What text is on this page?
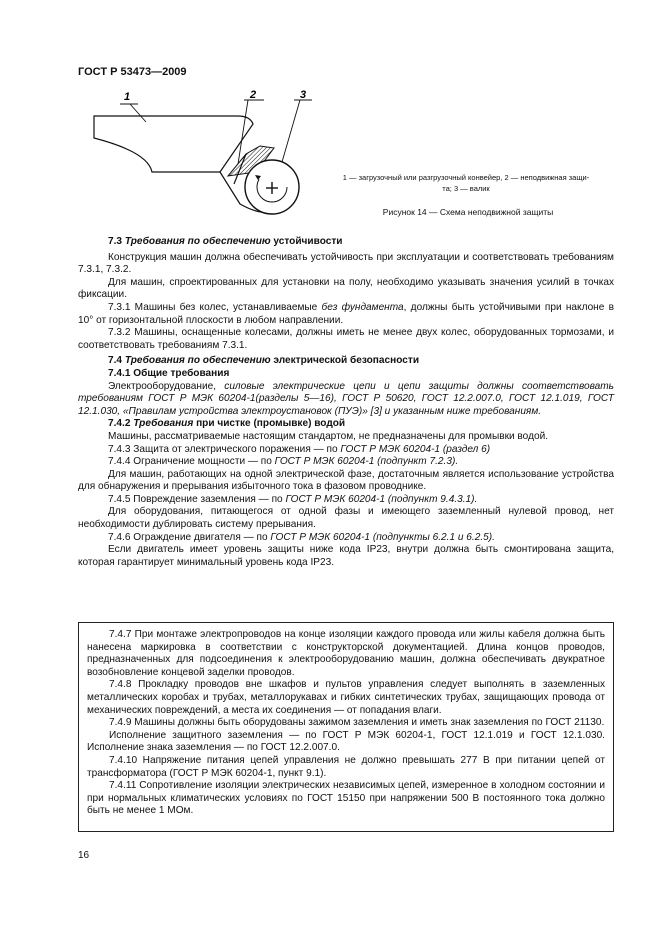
ГОСТ Р 53473—2009
1	2	3
1 — загрузочный или разгрузочный конвейер, 2 — неподвижная защи-
та; 3 — валик
Рисунок 14 — Схема неподвижной защиты

7.3 Требования по обеспечению устойчивости

Конструкция машин должна обеспечивать устойчивость при эксплуатации и соответствовать требованиям 7.3.1, 7.3.2.

Для машин, спроектированных для установки на полу, необходимо указывать значения усилий в точках фиксации.

7.3.1 Машины без колес, устанавливаемые без фундамента, должны быть устойчивыми при наклоне в 10° от горизонтальной плоскости в любом направлении.

7.3.2 Машины, оснащенные колесами, должны иметь не менее двух колес, оборудованных тормозами, и соответствовать требованиям 7.3.1.

7.4 Требования по обеспечению электрической безопасности

7.4.1 Общие требования

Электрооборудование, силовые электрические цепи и цепи защиты должны соответствовать требованиям ГОСТ Р МЭК 60204-1(разделы 5—16), ГОСТ Р 50620, ГОСТ 12.2.007.0, ГОСТ 12.1.019, ГОСТ 12.1.030, «Правилам устройства электроустановок (ПУЭ)» [3] и указанным ниже требованиям.

7.4.2 Требования при чистке (промывке) водой

Машины, рассматриваемые настоящим стандартом, не предназначены для промывки водой.

7.4.3 Защита от электрического поражения — по ГОСТ Р МЭК 60204-1 (раздел 6)

7.4.4 Ограничение мощности — по ГОСТ Р МЭК 60204-1 (подпункт 7.2.3).

Для машин, работающих на одной электрической фазе, достаточным является использование устройства для обнаружения и прерывания избыточного тока в фазовом проводнике.

7.4.5 Повреждение заземления — по ГОСТ Р МЭК 60204-1 (подпункт 9.4.3.1).

Для оборудования, питающегося от одной фазы и имеющего заземленный нулевой провод, нет необходимости дублировать систему прерывания.

7.4.6 Ограждение двигателя — по ГОСТ Р МЭК 60204-1 (подпункты 6.2.1 и 6.2.5).

Если двигатель имеет уровень защиты ниже кода IP23, внутри должна быть смонтирована защита, которая гарантирует минимальный уровень кода IP23.

7.4.7 При монтаже электропроводов на конце изоляции каждого провода или жилы кабеля должна быть нанесена маркировка в соответствии с конструкторской документацией. Длина концов проводов, предназначенных для подсоединения к электрооборудованию машин, должна обеспечивать двукратное возобновление концевой заделки проводов.

7.4.8 Прокладку проводов вне шкафов и пультов управления следует выполнять в заземленных металлических коробах и трубах, металлорукавах и гибких синтетических трубах, защищающих провода от механических повреждений, а места их соединения — от попадания влаги.

7.4.9 Машины должны быть оборудованы зажимом заземления и иметь знак заземления по ГОСТ 21130.

Исполнение защитного заземления — по ГОСТ Р МЭК 60204-1, ГОСТ 12.1.019 и ГОСТ 12.1.030. Исполнение знака заземления — по ГОСТ 12.2.007.0.

7.4.10 Напряжение питания цепей управления не должно превышать 277 В при питании цепей от трансформатора (ГОСТ Р МЭК 60204-1, пункт 9.1).

7.4.11 Сопротивление изоляции электрических независимых цепей, измеренное в холодном состоянии и при нормальных климатических условиях по ГОСТ 15150 при напряжении 500 В постоянного тока должно быть не менее 1 МОм.

16
